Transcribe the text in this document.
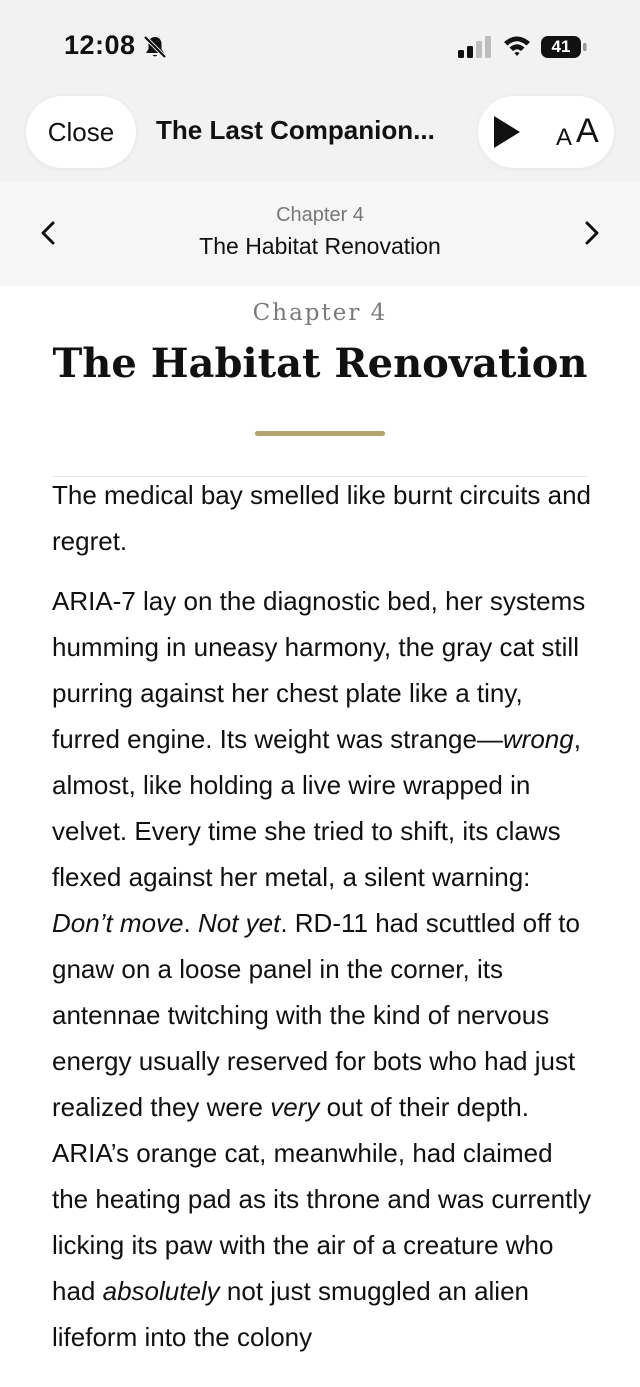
12:08	41
Close	The Last Companion...	A A
Chapter 4
The Habitat Renovation
Chapter 4
The Habitat Renovation

The medical bay smelled like burnt circuits and regret.

ARIA-7 lay on the diagnostic bed, her systems humming in uneasy harmony, the gray cat still purring against her chest plate like a tiny, furred engine. Its weight was strange—wrong, almost, like holding a live wire wrapped in velvet. Every time she tried to shift, its claws flexed against her metal, a silent warning: Don’t move. Not yet. RD-11 had scuttled off to gnaw on a loose panel in the corner, its antennae twitching with the kind of nervous energy usually reserved for bots who had just realized they were very out of their depth. ARIA’s orange cat, meanwhile, had claimed the heating pad as its throne and was currently licking its paw with the air of a creature who had absolutely not just smuggled an alien lifeform into the colony
